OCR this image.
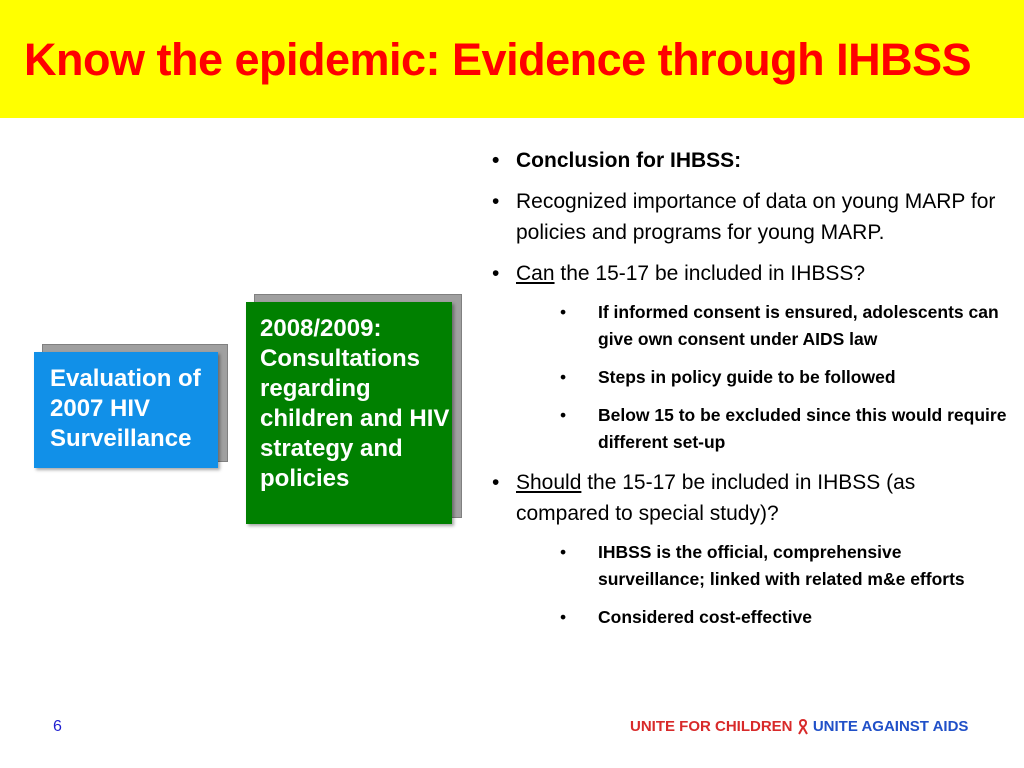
Know the epidemic: Evidence through IHBSS
Evaluation of 2007 HIV Surveillance
2008/2009: Consultations regarding children and HIV strategy and policies
• Conclusion for IHBSS:
• Recognized importance of data on young MARP for policies and programs for young MARP.
• Can the 15-17 be included in IHBSS?
• If informed consent is ensured, adolescents can give own consent under AIDS law
• Steps in policy guide to be followed
• Below 15 to be excluded since this would require different set-up
• Should the 15-17 be included in IHBSS (as compared to special study)?
• IHBSS is the official, comprehensive surveillance; linked with related m&e efforts
• Considered cost-effective
6	UNITE FOR CHILDREN UNITE AGAINST AIDS
